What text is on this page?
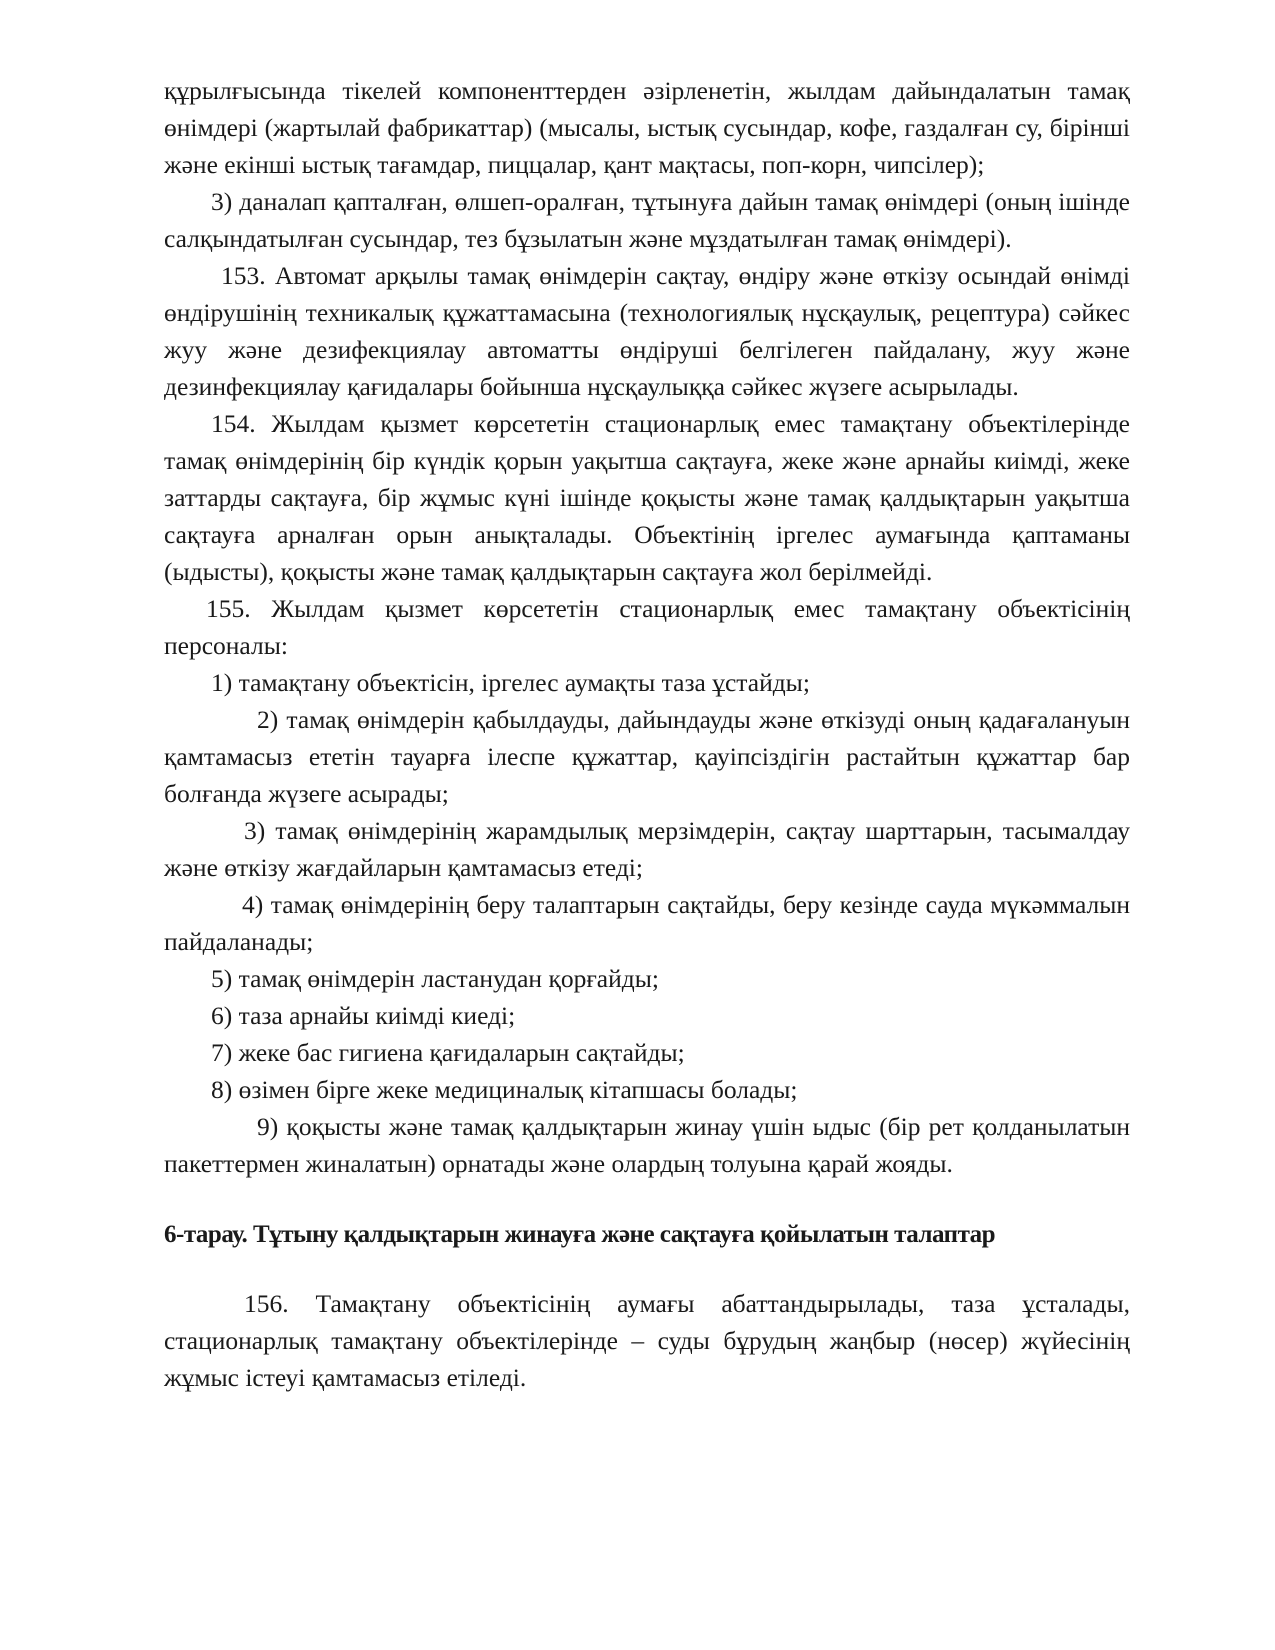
құрылғысында тікелей компоненттерден әзірленетін, жылдам дайындалатын тамақ өнімдері (жартылай фабрикаттар) (мысалы, ыстық сусындар, кофе, газдалған су, бірінші және екінші ыстық тағамдар, пиццалар, қант мақтасы, поп-корн, чипсілер);

3) даналап қапталған, өлшеп-оралған, тұтынуға дайын тамақ өнімдері (оның ішінде салқындатылған сусындар, тез бұзылатын және мұздатылған тамақ өнімдері).

153. Автомат арқылы тамақ өнімдерін сақтау, өндіру және өткізу осындай өнімді өндірушінің техникалық құжаттамасына (технологиялық нұсқаулық, рецептура) сәйкес жуу және дезифекциялау автоматты өндіруші белгілеген пайдалану, жуу және дезинфекциялау қағидалары бойынша нұсқаулыққа сәйкес жүзеге асырылады.

154. Жылдам қызмет көрсететін стационарлық емес тамақтану объектілерінде тамақ өнімдерінің бір күндік қорын уақытша сақтауға, жеке және арнайы киімді, жеке заттарды сақтауға, бір жұмыс күні ішінде қоқысты және тамақ қалдықтарын уақытша сақтауға арналған орын анықталады. Объектінің іргелес аумағында қаптаманы (ыдысты), қоқысты және тамақ қалдықтарын сақтауға жол берілмейді.

155. Жылдам қызмет көрсететін стационарлық емес тамақтану объектісінің персоналы:

1) тамақтану объектісін, іргелес аумақты таза ұстайды;

2) тамақ өнімдерін қабылдауды, дайындауды және өткізуді оның қадағалануын қамтамасыз ететін тауарға ілеспе құжаттар, қауіпсіздігін растайтын құжаттар бар болғанда жүзеге асырады;

3) тамақ өнімдерінің жарамдылық мерзімдерін, сақтау шарттарын, тасымалдау және өткізу жағдайларын қамтамасыз етеді;

4) тамақ өнімдерінің беру талаптарын сақтайды, беру кезінде сауда мүкәммалын пайдаланады;

5) тамақ өнімдерін ластанудан қорғайды;

6) таза арнайы киімді киеді;

7) жеке бас гигиена қағидаларын сақтайды;

8) өзімен бірге жеке медициналық кітапшасы болады;

9) қоқысты және тамақ қалдықтарын жинау үшін ыдыс (бір рет қолданылатын пакеттермен жиналатын) орнатады және олардың толуына қарай жояды.

6-тарау. Тұтыну қалдықтарын жинауға және сақтауға қойылатын талаптар

156. Тамақтану объектісінің аумағы абаттандырылады, таза ұсталады, стационарлық тамақтану объектілерінде – суды бұрудың жаңбыр (нөсер) жүйесінің жұмыс істеуі қамтамасыз етіледі.
